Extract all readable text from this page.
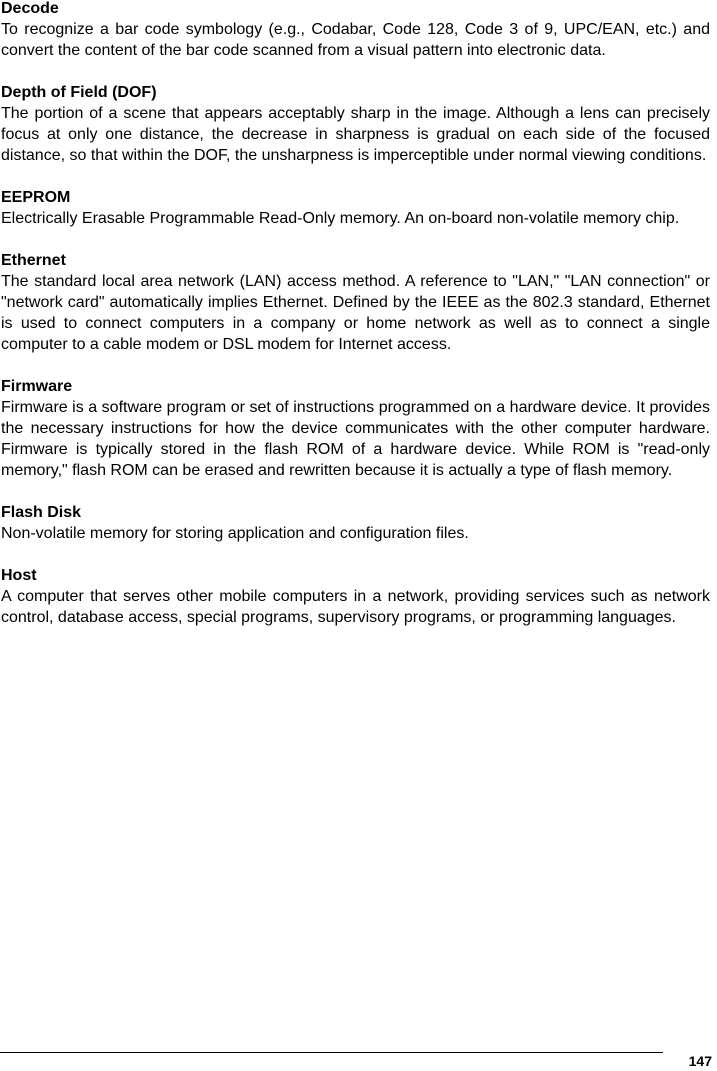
Decode

To recognize a bar code symbology (e.g., Codabar, Code 128, Code 3 of 9, UPC/EAN, etc.) and convert the content of the bar code scanned from a visual pattern into electronic data.

Depth of Field (DOF)

The portion of a scene that appears acceptably sharp in the image. Although a lens can precisely focus at only one distance, the decrease in sharpness is gradual on each side of the focused distance, so that within the DOF, the unsharpness is imperceptible under normal viewing conditions.

EEPROM

Electrically Erasable Programmable Read-Only memory. An on-board non-volatile memory chip.

Ethernet

The standard local area network (LAN) access method. A reference to "LAN," "LAN connection" or "network card" automatically implies Ethernet. Defined by the IEEE as the 802.3 standard, Ethernet is used to connect computers in a company or home network as well as to connect a single computer to a cable modem or DSL modem for Internet access.

Firmware

Firmware is a software program or set of instructions programmed on a hardware device. It provides the necessary instructions for how the device communicates with the other computer hardware. Firmware is typically stored in the flash ROM of a hardware device. While ROM is "read-only memory," flash ROM can be erased and rewritten because it is actually a type of flash memory.

Flash Disk

Non-volatile memory for storing application and configuration files.

Host

A computer that serves other mobile computers in a network, providing services such as network control, database access, special programs, supervisory programs, or programming languages.

147
